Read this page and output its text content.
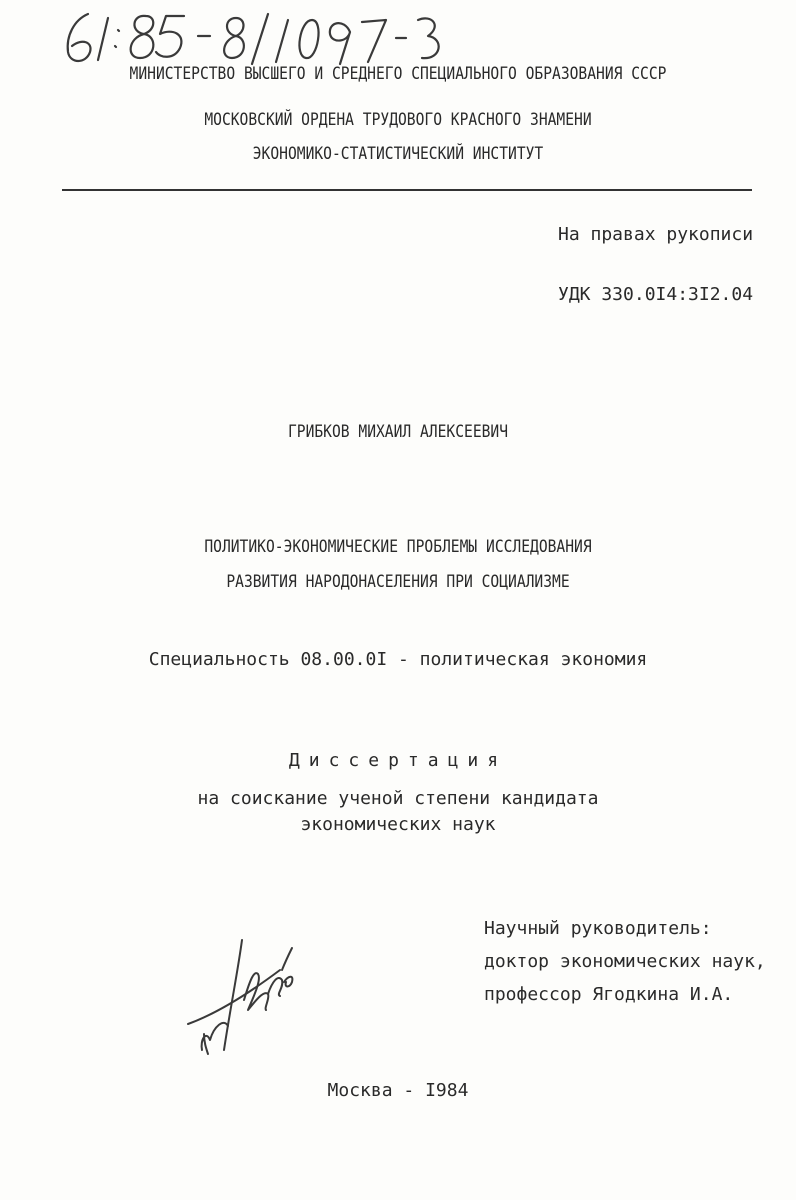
МИНИСТЕРСТВО ВЫСШЕГО И СРЕДНЕГО СПЕЦИАЛЬНОГО ОБРАЗОВАНИЯ СССР
МОСКОВСКИЙ ОРДЕНА ТРУДОВОГО КРАСНОГО ЗНАМЕНИ
ЭКОНОМИКО-СТАТИСТИЧЕСКИЙ ИНСТИТУТ
На правах рукописи
УДК 330.0I4:3I2.04
ГРИБКОВ МИХАИЛ АЛЕКСЕЕВИЧ
ПОЛИТИКО-ЭКОНОМИЧЕСКИЕ ПРОБЛЕМЫ ИССЛЕДОВАНИЯ
РАЗВИТИЯ НАРОДОНАСЕЛЕНИЯ ПРИ СОЦИАЛИЗМЕ
Специальность 08.00.0I - политическая экономия
Диссертация
на соискание ученой степени кандидата
экономических наук
Научный руководитель:
доктор экономических наук,
профессор Ягодкина И.А.
Москва - I984
